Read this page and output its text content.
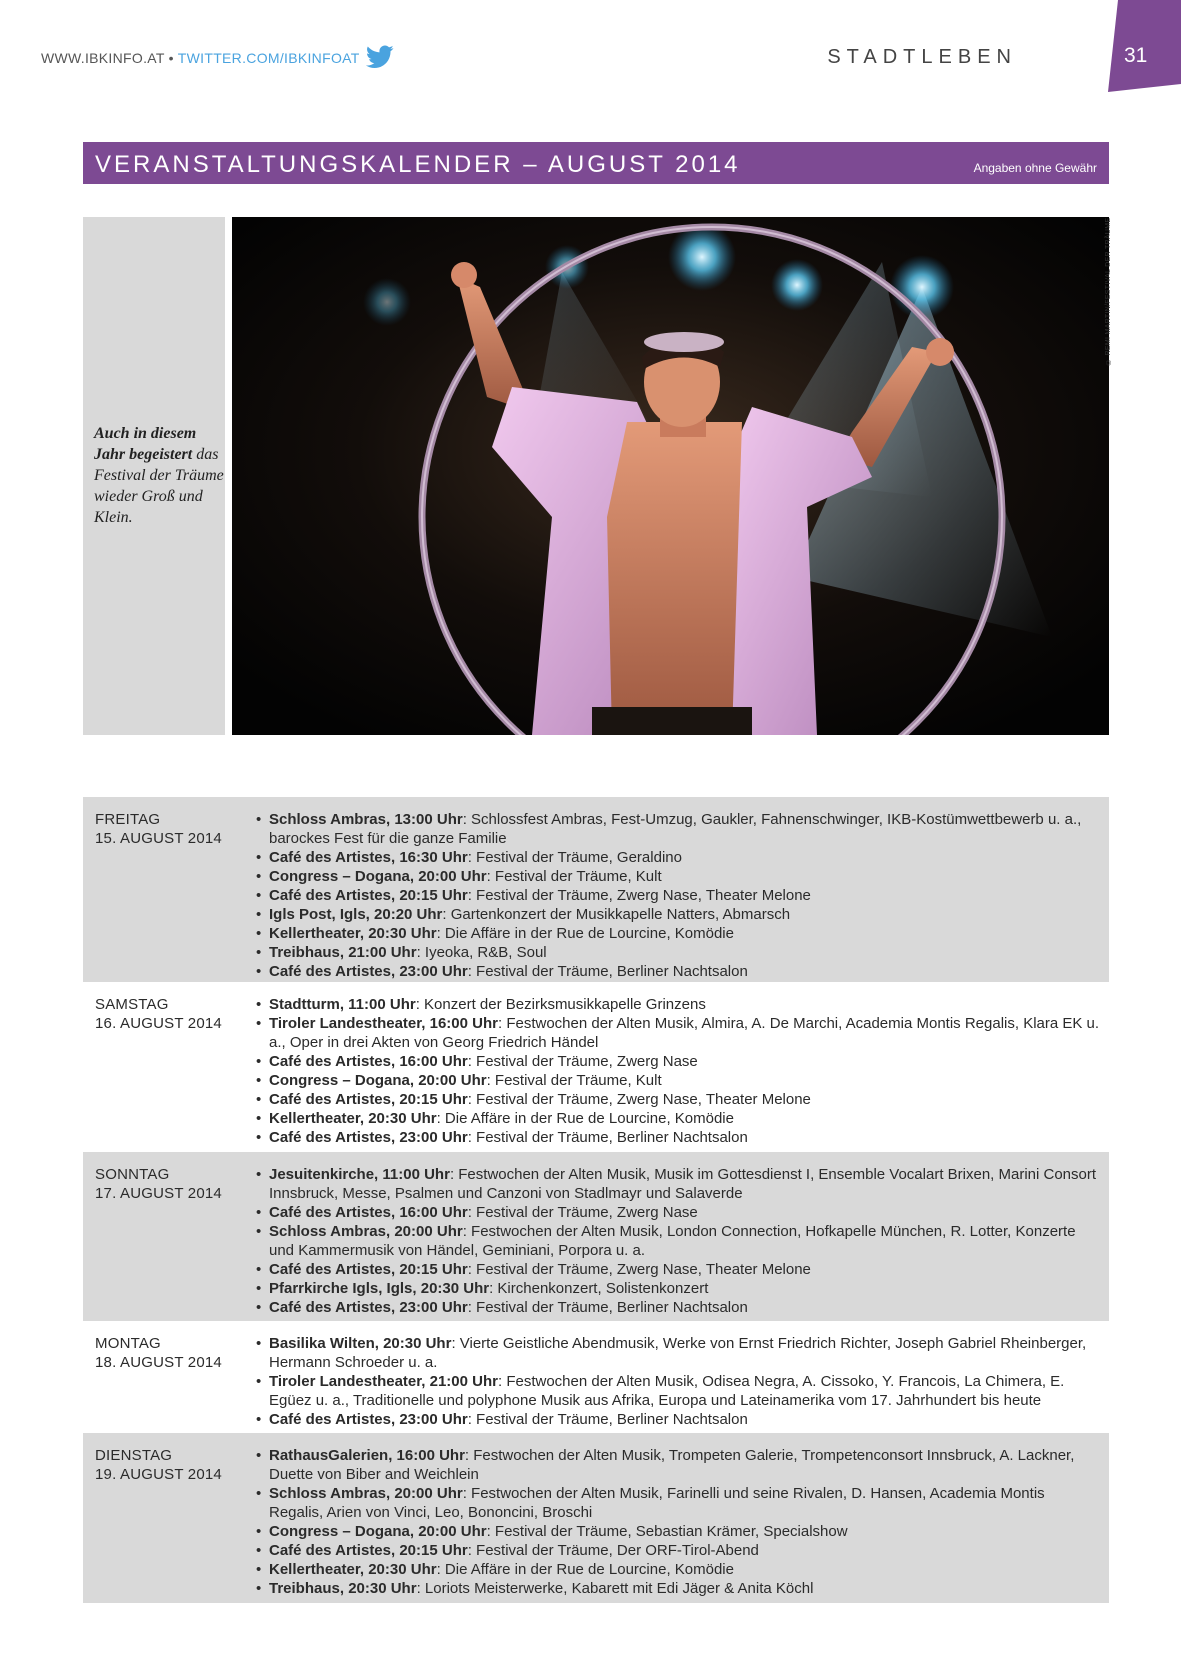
WWW.IBKINFO.AT • TWITTER.COM/IBKINFOAT	STADTLEBEN	31
VERANSTALTUNGSKALENDER – AUGUST 2014	Angaben ohne Gewähr
Auch in diesem Jahr begeistert das Festival der Träume wieder Groß und Klein.
© REMI MARTIN/FESTIVAL DER TRÄUME
FREITAG
15. AUGUST 2014
• Schloss Ambras, 13:00 Uhr: Schlossfest Ambras, Fest-Umzug, Gaukler, Fahnenschwinger, IKB-Kostümwettbewerb u. a., barockes Fest für die ganze Familie
• Café des Artistes, 16:30 Uhr: Festival der Träume, Geraldino
• Congress – Dogana, 20:00 Uhr: Festival der Träume, Kult
• Café des Artistes, 20:15 Uhr: Festival der Träume, Zwerg Nase, Theater Melone
• Igls Post, Igls, 20:20 Uhr: Gartenkonzert der Musikkapelle Natters, Abmarsch
• Kellertheater, 20:30 Uhr: Die Affäre in der Rue de Lourcine, Komödie
• Treibhaus, 21:00 Uhr: Iyeoka, R&B, Soul
• Café des Artistes, 23:00 Uhr: Festival der Träume, Berliner Nachtsalon
SAMSTAG
16. AUGUST 2014
• Stadtturm, 11:00 Uhr: Konzert der Bezirksmusikkapelle Grinzens
• Tiroler Landestheater, 16:00 Uhr: Festwochen der Alten Musik, Almira, A. De Marchi, Academia Montis Regalis, Klara EK u. a., Oper in drei Akten von Georg Friedrich Händel
• Café des Artistes, 16:00 Uhr: Festival der Träume, Zwerg Nase
• Congress – Dogana, 20:00 Uhr: Festival der Träume, Kult
• Café des Artistes, 20:15 Uhr: Festival der Träume, Zwerg Nase, Theater Melone
• Kellertheater, 20:30 Uhr: Die Affäre in der Rue de Lourcine, Komödie
• Café des Artistes, 23:00 Uhr: Festival der Träume, Berliner Nachtsalon
SONNTAG
17. AUGUST 2014
• Jesuitenkirche, 11:00 Uhr: Festwochen der Alten Musik, Musik im Gottesdienst I, Ensemble Vocalart Brixen, Marini Consort Innsbruck, Messe, Psalmen und Canzoni von Stadlmayr und Salaverde
• Café des Artistes, 16:00 Uhr: Festival der Träume, Zwerg Nase
• Schloss Ambras, 20:00 Uhr: Festwochen der Alten Musik, London Connection, Hofkapelle München, R. Lotter, Konzerte und Kammermusik von Händel, Geminiani, Porpora u. a.
• Café des Artistes, 20:15 Uhr: Festival der Träume, Zwerg Nase, Theater Melone
• Pfarrkirche Igls, Igls, 20:30 Uhr: Kirchenkonzert, Solistenkonzert
• Café des Artistes, 23:00 Uhr: Festival der Träume, Berliner Nachtsalon
MONTAG
18. AUGUST 2014
• Basilika Wilten, 20:30 Uhr: Vierte Geistliche Abendmusik, Werke von Ernst Friedrich Richter, Joseph Gabriel Rheinberger, Hermann Schroeder u. a.
• Tiroler Landestheater, 21:00 Uhr: Festwochen der Alten Musik, Odisea Negra, A. Cissoko, Y. Francois, La Chimera, E. Egüez u. a., Traditionelle und polyphone Musik aus Afrika, Europa und Lateinamerika vom 17. Jahrhundert bis heute
• Café des Artistes, 23:00 Uhr: Festival der Träume, Berliner Nachtsalon
DIENSTAG
19. AUGUST 2014
• RathausGalerien, 16:00 Uhr: Festwochen der Alten Musik, Trompeten Galerie, Trompetenconsort Innsbruck, A. Lackner, Duette von Biber and Weichlein
• Schloss Ambras, 20:00 Uhr: Festwochen der Alten Musik, Farinelli und seine Rivalen, D. Hansen, Academia Montis Regalis, Arien von Vinci, Leo, Bononcini, Broschi
• Congress – Dogana, 20:00 Uhr: Festival der Träume, Sebastian Krämer, Specialshow
• Café des Artistes, 20:15 Uhr: Festival der Träume, Der ORF-Tirol-Abend
• Kellertheater, 20:30 Uhr: Die Affäre in der Rue de Lourcine, Komödie
• Treibhaus, 20:30 Uhr: Loriots Meisterwerke, Kabarett mit Edi Jäger & Anita Köchl
